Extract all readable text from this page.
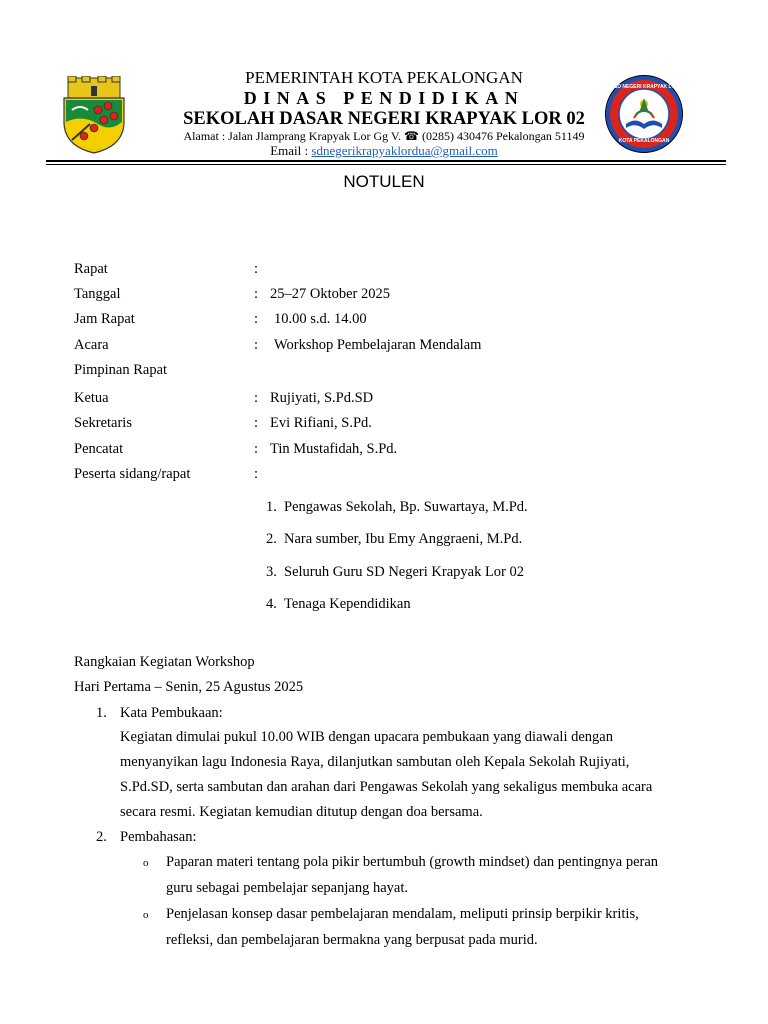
SD NEGERI KRAPYAK LOR 02
KOTA PEKALONGAN
PEMERINTAH KOTA PEKALONGAN
DINAS PENDIDIKAN
SEKOLAH DASAR NEGERI KRAPYAK LOR 02
Alamat : Jalan Jlamprang Krapyak Lor Gg V. ☎ (0285) 430476 Pekalongan 51149
Email : sdnegerikrapyaklordua@gmail.com
NOTULEN
Rapat	:
Tanggal	: 25–27 Oktober 2025
Jam Rapat	: 10.00 s.d. 14.00
Acara	: Workshop Pembelajaran Mendalam
Pimpinan Rapat
Ketua	: Rujiyati, S.Pd.SD
Sekretaris	: Evi Rifiani, S.Pd.
Pencatat	: Tin Mustafidah, S.Pd.
Peserta sidang/rapat	:
1. Pengawas Sekolah, Bp. Suwartaya, M.Pd.
2. Nara sumber, Ibu Emy Anggraeni, M.Pd.
3. Seluruh Guru SD Negeri Krapyak Lor 02
4. Tenaga Kependidikan
Rangkaian Kegiatan Workshop
Hari Pertama – Senin, 25 Agustus 2025
1. Kata Pembukaan:
Kegiatan dimulai pukul 10.00 WIB dengan upacara pembukaan yang diawali dengan
menyanyikan lagu Indonesia Raya, dilanjutkan sambutan oleh Kepala Sekolah Rujiyati,
S.Pd.SD, serta sambutan dan arahan dari Pengawas Sekolah yang sekaligus membuka acara
secara resmi. Kegiatan kemudian ditutup dengan doa bersama.
2. Pembahasan:
o Paparan materi tentang pola pikir bertumbuh (growth mindset) dan pentingnya peran
guru sebagai pembelajar sepanjang hayat.
o Penjelasan konsep dasar pembelajaran mendalam, meliputi prinsip berpikir kritis,
refleksi, dan pembelajaran bermakna yang berpusat pada murid.
